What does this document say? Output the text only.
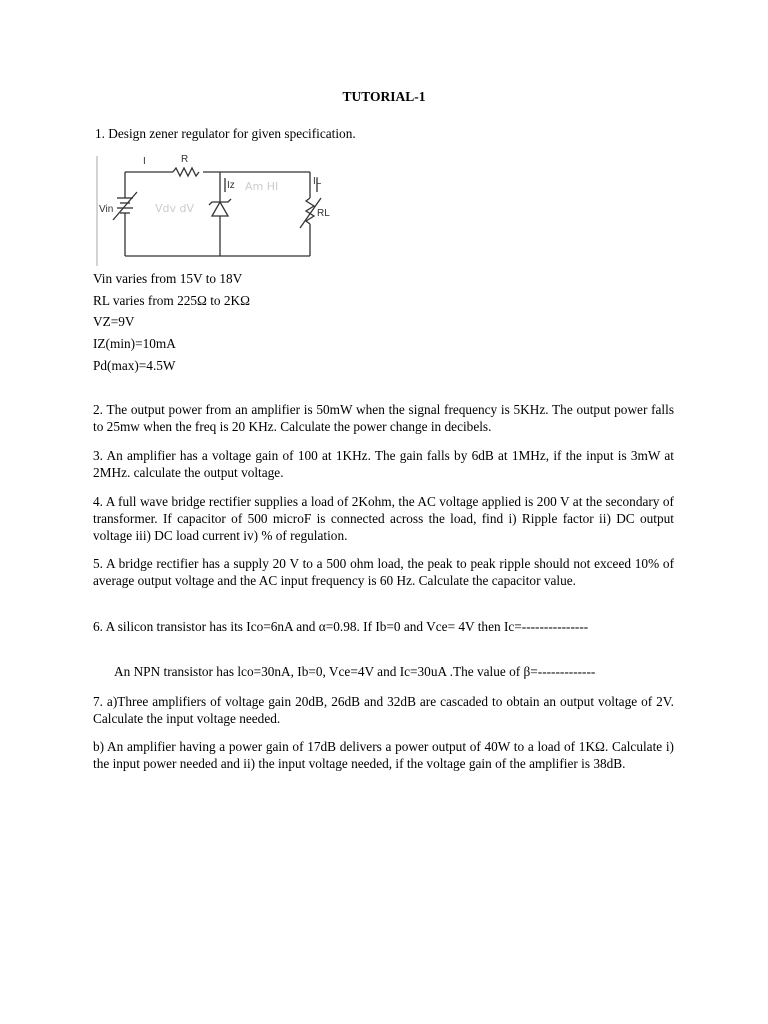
TUTORIAL-1
1. Design zener regulator for given specification.
Am HI
Vdv dV
I	R
Iz	IL
Vin	RL
Vin varies from 15V to 18V
RL varies from 225Ω to 2KΩ
VZ=9V
IZ(min)=10mA
Pd(max)=4.5W

2. The output power from an amplifier is 50mW when the signal frequency is 5KHz. The output power falls to 25mw when the freq is 20 KHz. Calculate the power change in decibels.

3. An amplifier has a voltage gain of 100 at 1KHz. The gain falls by 6dB at 1MHz, if the input is 3mW at 2MHz. calculate the output voltage.

4. A full wave bridge rectifier supplies a load of 2Kohm, the AC voltage applied is 200 V at the secondary of transformer. If capacitor of 500 microF is connected across the load, find i) Ripple factor ii) DC output voltage iii) DC load current iv) % of regulation.

5. A bridge rectifier has a supply 20 V to a 500 ohm load, the peak to peak ripple should not exceed 10% of average output voltage and the AC input frequency is 60 Hz. Calculate the capacitor value.

6. A silicon transistor has its Ico=6nA and α=0.98. If Ib=0 and Vce= 4V then Ic=---------------

An NPN transistor has lco=30nA, Ib=0, Vce=4V and Ic=30uA .The value of β=-------------

7. a)Three amplifiers of voltage gain 20dB, 26dB and 32dB are cascaded to obtain an output voltage of 2V. Calculate the input voltage needed.

b) An amplifier having a power gain of 17dB delivers a power output of 40W to a load of 1KΩ. Calculate i) the input power needed and ii) the input voltage needed, if the voltage gain of the amplifier is 38dB.
